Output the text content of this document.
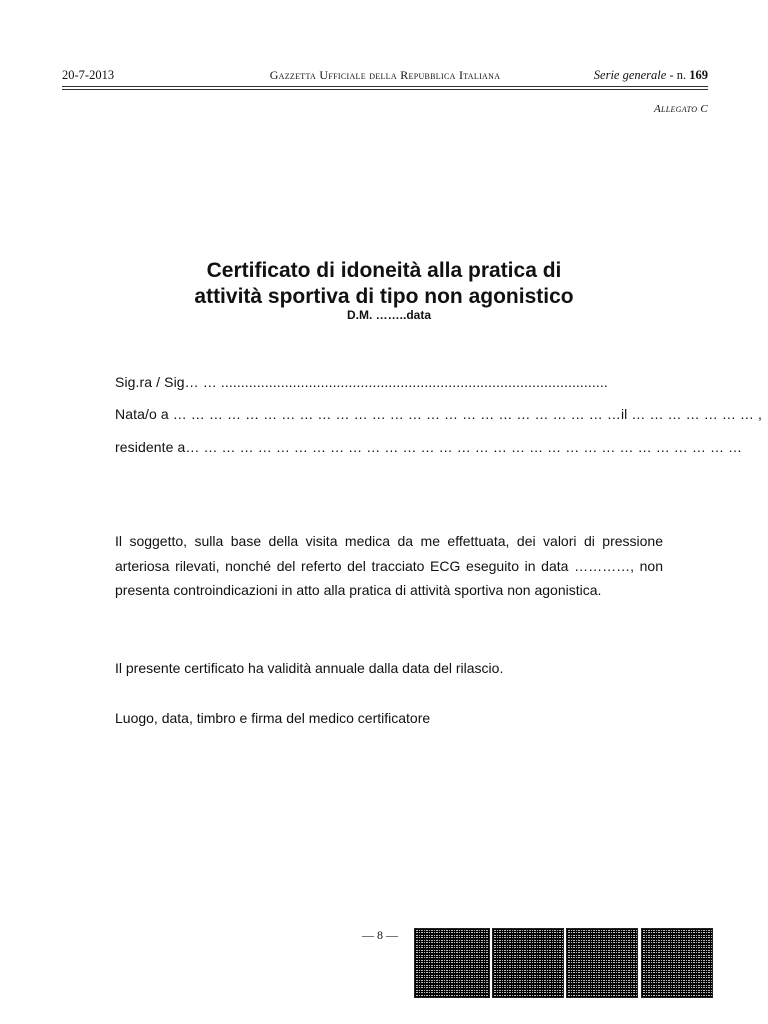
20-7-2013	Gazzetta Ufficiale della Repubblica Italiana	Serie generale - n. 169
Allegato C
Certificato di idoneità alla pratica di
attività sportiva di tipo non agonistico
D.M. ……..data
Sig.ra / Sig… … .................................................................................................
Nata/o a … … … … … … … … … … … … … … … … … … … … … … … … …il … … … … … … … ,
residente a… … … … … … … … … … … … … … … … … … … … … … … … … … … … … … …
Il soggetto, sulla base della visita medica da me effettuata, dei valori di pressione arteriosa rilevati, nonché del referto del tracciato ECG eseguito in data …………, non presenta controindicazioni in atto alla pratica di attività sportiva non agonistica.
Il presente certificato ha validità annuale dalla data del rilascio.
Luogo, data, timbro e firma del medico certificatore
— 8 —
